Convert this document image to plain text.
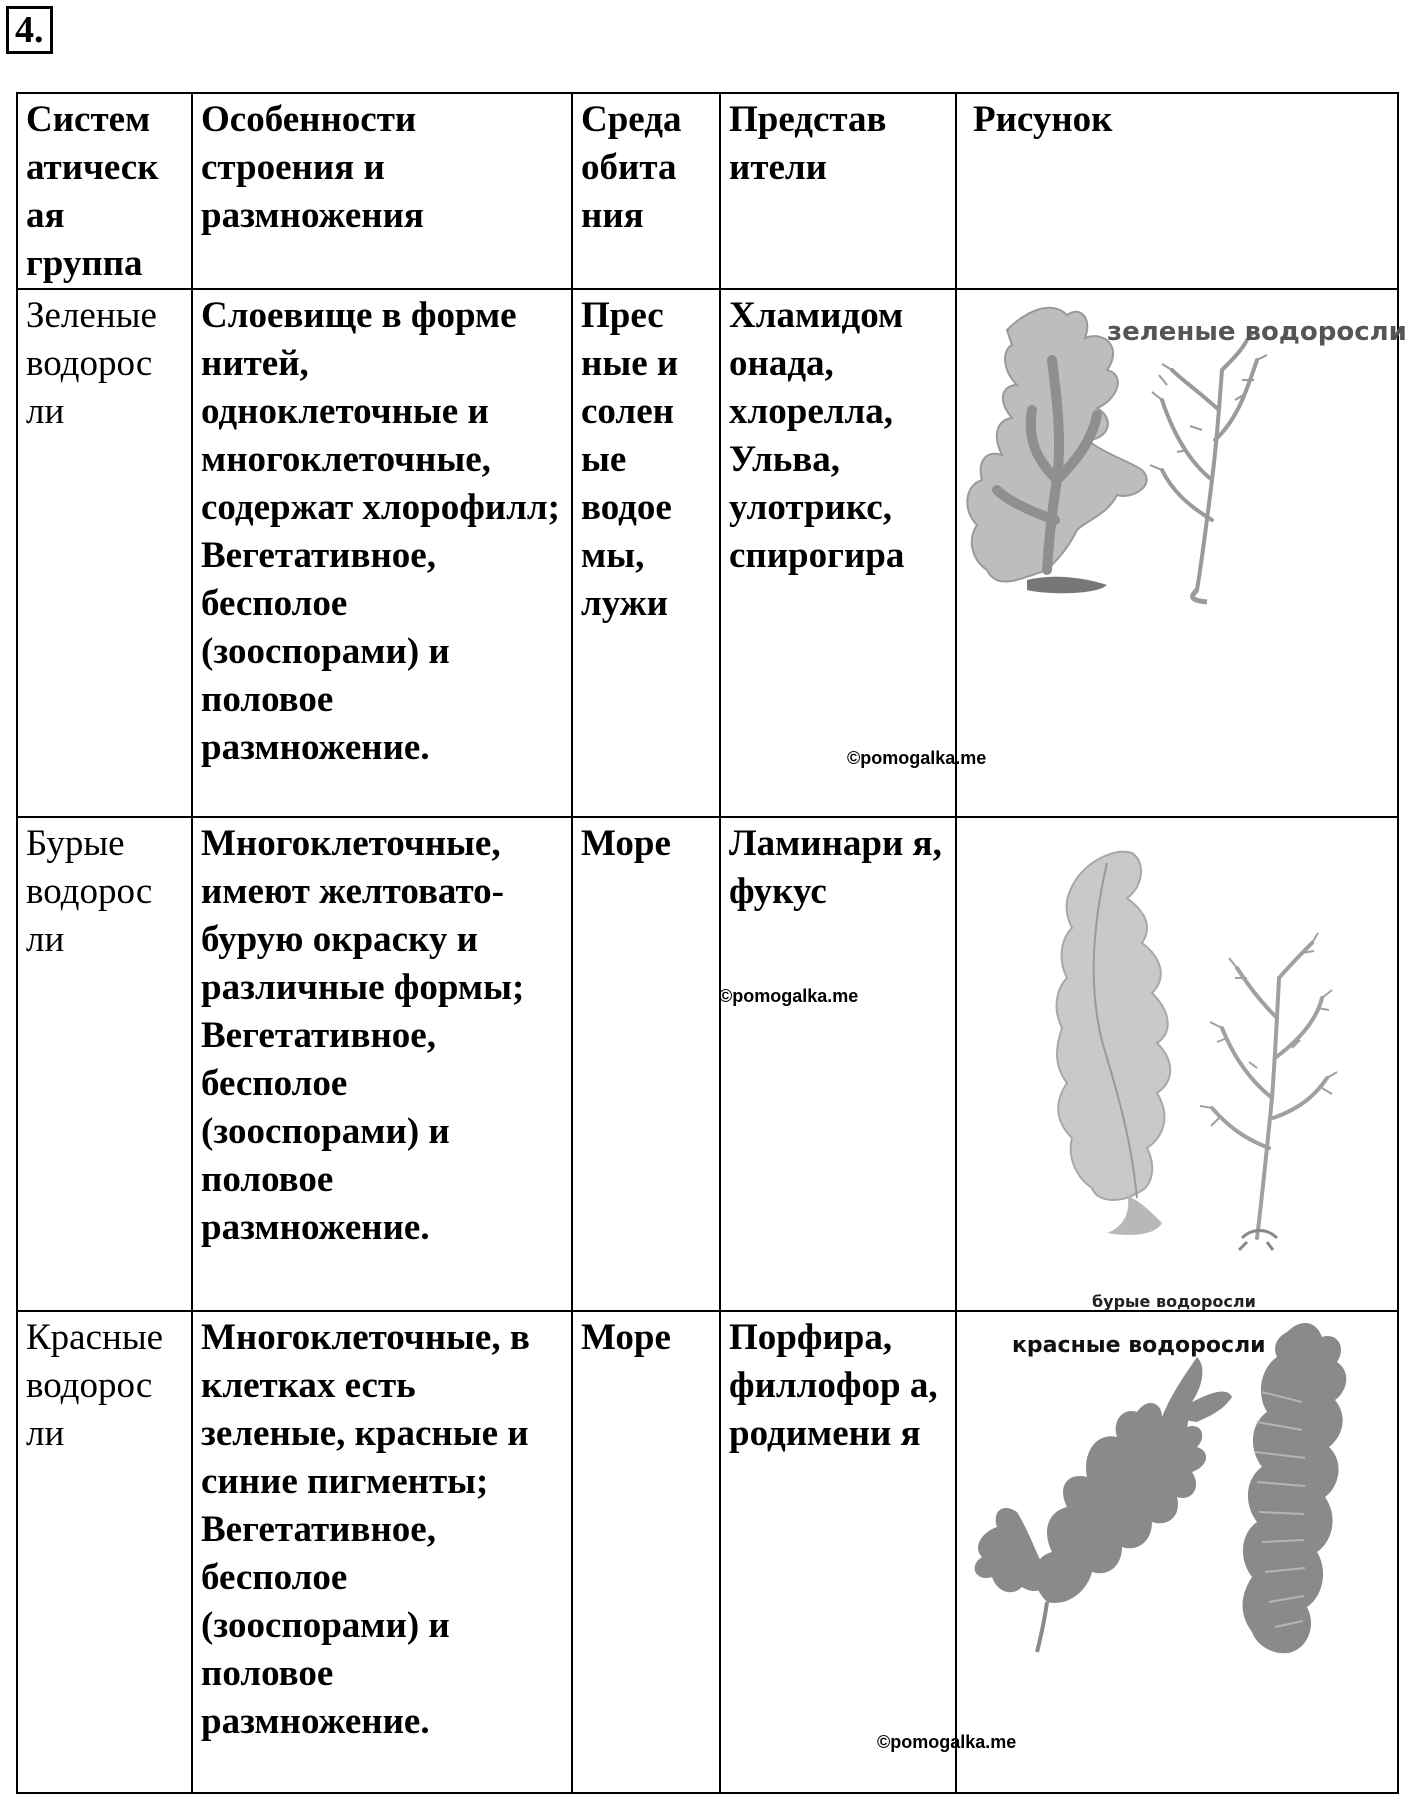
4.
Систем атическ ая группа	Особенности строения и размножения	Среда обита ния	Представ ители	Рисунок
Зеленые водорос ли	Слоевище в форме нитей, одноклеточные и многоклеточные, содержат хлорофилл; Вегетативное, бесполое (зооспорами) и половое размножение.	Прес ные и солен ые водое мы, лужи	Хламидом онада, хлорелла, Ульва, улотрикс, спирогира	зеленые водоросли
©pomogalka.me

Бурые водорос ли	Многоклеточные, имеют желтовато-бурую окраску и различные формы; Вегетативное, бесполое (зооспорами) и половое размножение.	Море	Ламинари я, фукус	бурые водоросли
©pomogalka.me

Красные водорос ли	Многоклеточные, в клетках есть зеленые, красные и синие пигменты; Вегетативное, бесполое (зооспорами) и половое размножение.	Море	Порфира, филлофор а, родимени я	красные водоросли
©pomogalka.me
